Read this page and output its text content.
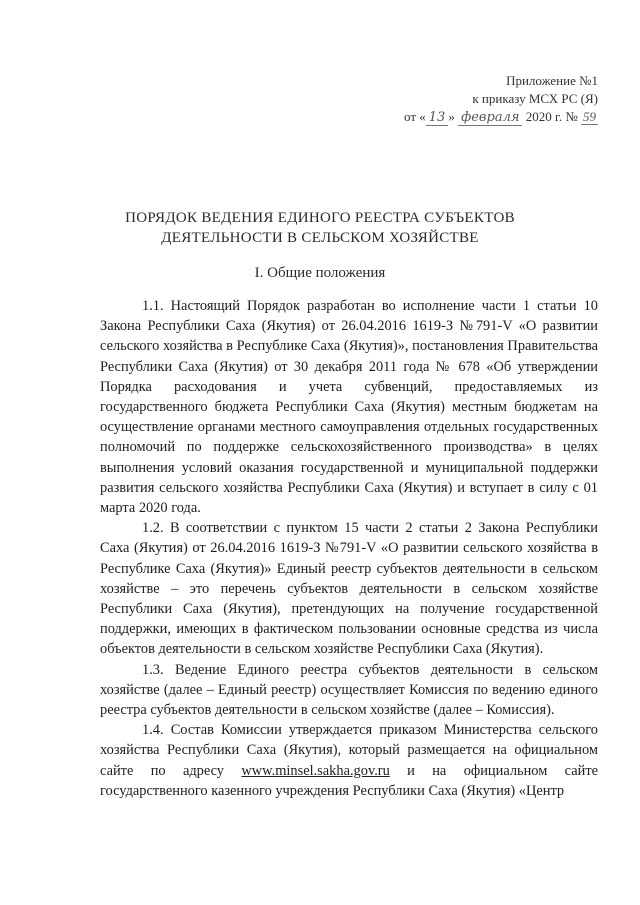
Приложение №1
к приказу МСХ РС (Я)
от « 13 » февраля 2020 г. № 59
ПОРЯДОК ВЕДЕНИЯ ЕДИНОГО РЕЕСТРА СУБЪЕКТОВ
ДЕЯТЕЛЬНОСТИ В СЕЛЬСКОМ ХОЗЯЙСТВЕ
I. Общие положения

1.1. Настоящий Порядок разработан во исполнение части 1 статьи 10 Закона Республики Саха (Якутия) от 26.04.2016 1619-З №791-V «О развитии сельского хозяйства в Республике Саха (Якутия)», постановления Правительства Республики Саха (Якутия) от 30 декабря 2011 года № 678 «Об утверждении Порядка расходования и учета субвенций, предоставляемых из государственного бюджета Республики Саха (Якутия) местным бюджетам на осуществление органами местного самоуправления отдельных государственных полномочий по поддержке сельскохозяйственного производства» в целях выполнения условий оказания государственной и муниципальной поддержки развития сельского хозяйства Республики Саха (Якутия) и вступает в силу с 01 марта 2020 года.

1.2. В соответствии с пунктом 15 части 2 статьи 2 Закона Республики Саха (Якутия) от 26.04.2016 1619-З №791-V «О развитии сельского хозяйства в Республике Саха (Якутия)» Единый реестр субъектов деятельности в сельском хозяйстве – это перечень субъектов деятельности в сельском хозяйстве Республики Саха (Якутия), претендующих на получение государственной поддержки, имеющих в фактическом пользовании основные средства из числа объектов деятельности в сельском хозяйстве Республики Саха (Якутия).

1.3. Ведение Единого реестра субъектов деятельности в сельском хозяйстве (далее – Единый реестр) осуществляет Комиссия по ведению единого реестра субъектов деятельности в сельском хозяйстве (далее – Комиссия).

1.4. Состав Комиссии утверждается приказом Министерства сельского хозяйства Республики Саха (Якутия), который размещается на официальном сайте по адресу www.minsel.sakha.gov.ru и на официальном сайте государственного казенного учреждения Республики Саха (Якутия) «Центр
